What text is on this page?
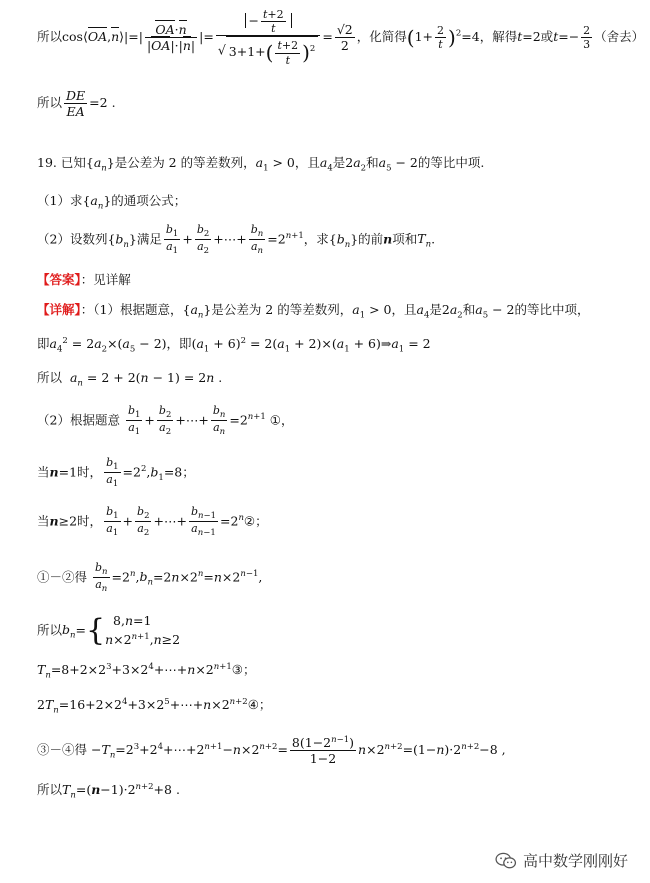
所以cos⟨OA,n⟩|=| $\frac{OA\cdot n}{|OA|\cdot|n|}$ |= $\frac{- \frac{t+2}{t}}{√ 3+1+( \frac{t+2}{t} )^2} = \frac{√2}{2}$ ，化简得$(1+ \frac{2}{t} )^2=4$，解得t=2或$t=- \frac{2}{3}$ （舍去）
所以 $\frac{DE}{EA} =2$ .
19. 已知$\{a_n\}$是公差为 2 的等差数列，$a_1 > 0$，且$a_4$是$2a_2$和$a_5 - 2$的等比中项.
（1）求$\{a_n\}$的通项公式；
（2）设数列$\{b_n\}$满足 $\frac{b_1}{a_1} + \frac{b_2}{a_2}$ +⋯+ $\frac{b_n}{a_n} =2^{n+1}$，求$\{b_n\}$的前n项和$T_n$.
【答案】：见详解
【详解】：（1）根据题意，$\{a_n\}$是公差为 2 的等差数列，$a_1 > 0$，且$a_4$是$2a_2$和$a_5 - 2$的等比中项，
即$a_4^2 = 2a_2\times(a_5 - 2)$，即$(a_1 + 6)^2 = 2(a_1 + 2)\times(a_1$ + $6)\Rightarrow a_1 = 2$
所以 $a_n = 2 + 2(n - 1) = 2n$ .
（2）根据题意 $\frac{b_1}{a_1} + \frac{b_2}{a_2}$ +⋯+ $\frac{b_n}{a_n} =2^{n+1}$ ①，
当n=1时， $\frac{b_1}{a_1} =2^2,b_1=8$；
当n≥2时， $\frac{b_1}{a_1} + \frac{b_2}{a_2}$ +⋯+ $\frac{b_{n-1}}{a_{n-1}}$ $=2^n②$；
①－②得 $\frac{b_n}{a_n} =2^n,b_n=2n\times 2^n=n\times 2^{n-1}$,
所以$b_n=${ 8,n=1
$n\times 2^{n+1},n\ge 2$
$T_n=8+2\times 2^3+3\times 2^4+\cdots+n\times 2^{n+1}③$；
$2T_n=16+2\times 2^4+3\times 2^5+\cdots+n\times 2^{n+2}④$；
③－④得 $-T_n=2^3+2^4+\cdots+2^{n+1}-n\times 2^{n+2}= \frac{8(1-2^{n-1})}{1-2} n\times 2^{n+2}=(1-n)\cdot 2^{n+2}-8$ ,
所以$T_n=(n-1)\cdot 2^{n+2}+8$ .
高中数学刚刚好
